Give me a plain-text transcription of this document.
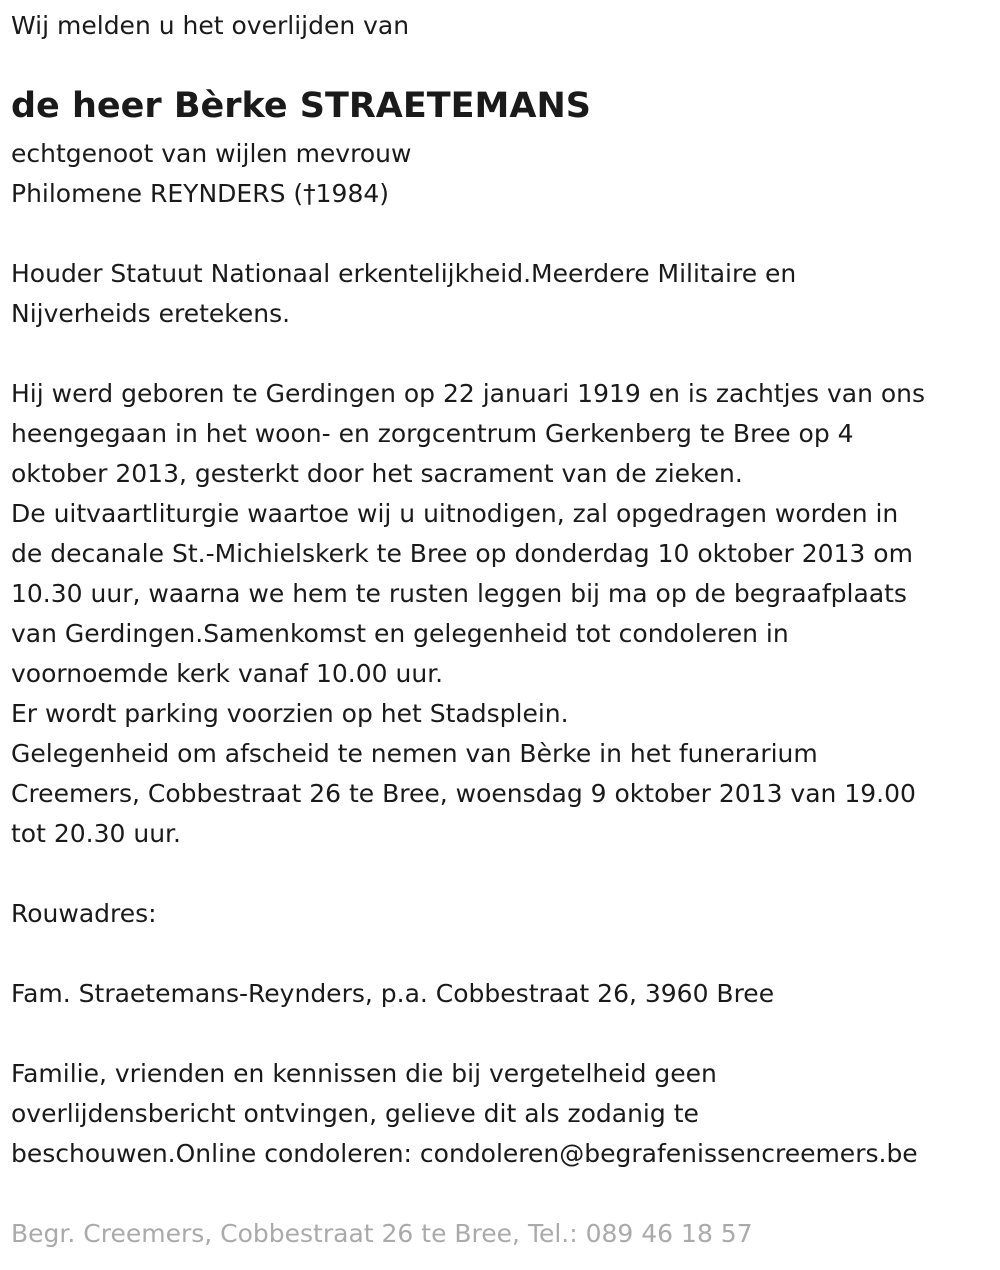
Wij melden u het overlijden van
de heer Bèrke STRAETEMANS
echtgenoot van wijlen mevrouw
Philomene REYNDERS (†1984)
Houder Statuut Nationaal erkentelijkheid.Meerdere Militaire en
Nijverheids eretekens.
Hij werd geboren te Gerdingen op 22 januari 1919 en is zachtjes van ons
heengegaan in het woon- en zorgcentrum Gerkenberg te Bree op 4
oktober 2013, gesterkt door het sacrament van de zieken.
De uitvaartliturgie waartoe wij u uitnodigen, zal opgedragen worden in
de decanale St.-Michielskerk te Bree op donderdag 10 oktober 2013 om
10.30 uur, waarna we hem te rusten leggen bij ma op de begraafplaats
van Gerdingen.Samenkomst en gelegenheid tot condoleren in
voornoemde kerk vanaf 10.00 uur.
Er wordt parking voorzien op het Stadsplein.
Gelegenheid om afscheid te nemen van Bèrke in het funerarium
Creemers, Cobbestraat 26 te Bree, woensdag 9 oktober 2013 van 19.00
tot 20.30 uur.
Rouwadres:
Fam. Straetemans-Reynders, p.a. Cobbestraat 26, 3960 Bree
Familie, vrienden en kennissen die bij vergetelheid geen
overlijdensbericht ontvingen, gelieve dit als zodanig te
beschouwen.Online condoleren: condoleren@begrafenissencreemers.be
Begr. Creemers, Cobbestraat 26 te Bree, Tel.: 089 46 18 57
